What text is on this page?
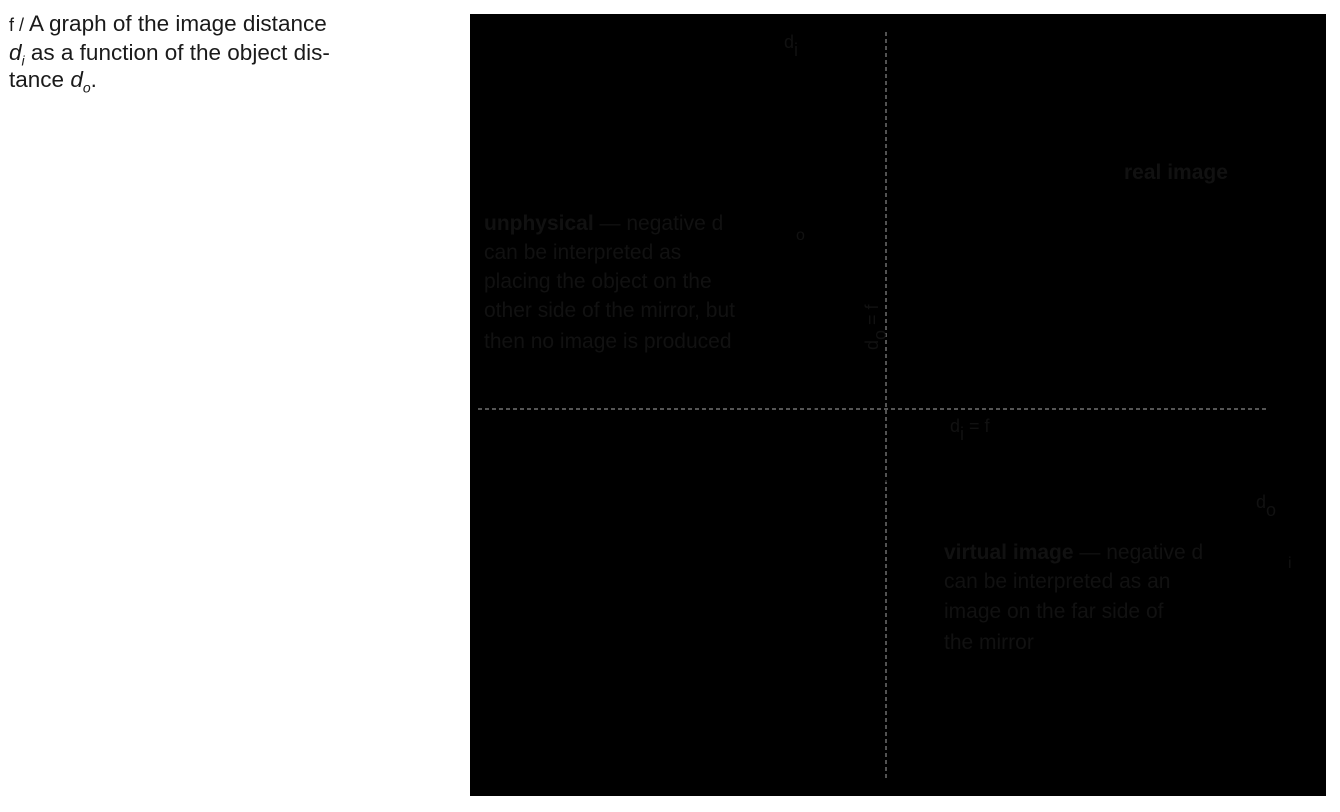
f / A graph of the image distance
$d_i$ as a function of the object dis-
tance $d_o$.
di
do
do = f
di = f
unphysical — negative d
o
can be interpreted as placing the object on the other side of the mirror, but then no image is produced
real image
virtual image — negative d	i
can be interpreted as an image on the far side of the mirror
